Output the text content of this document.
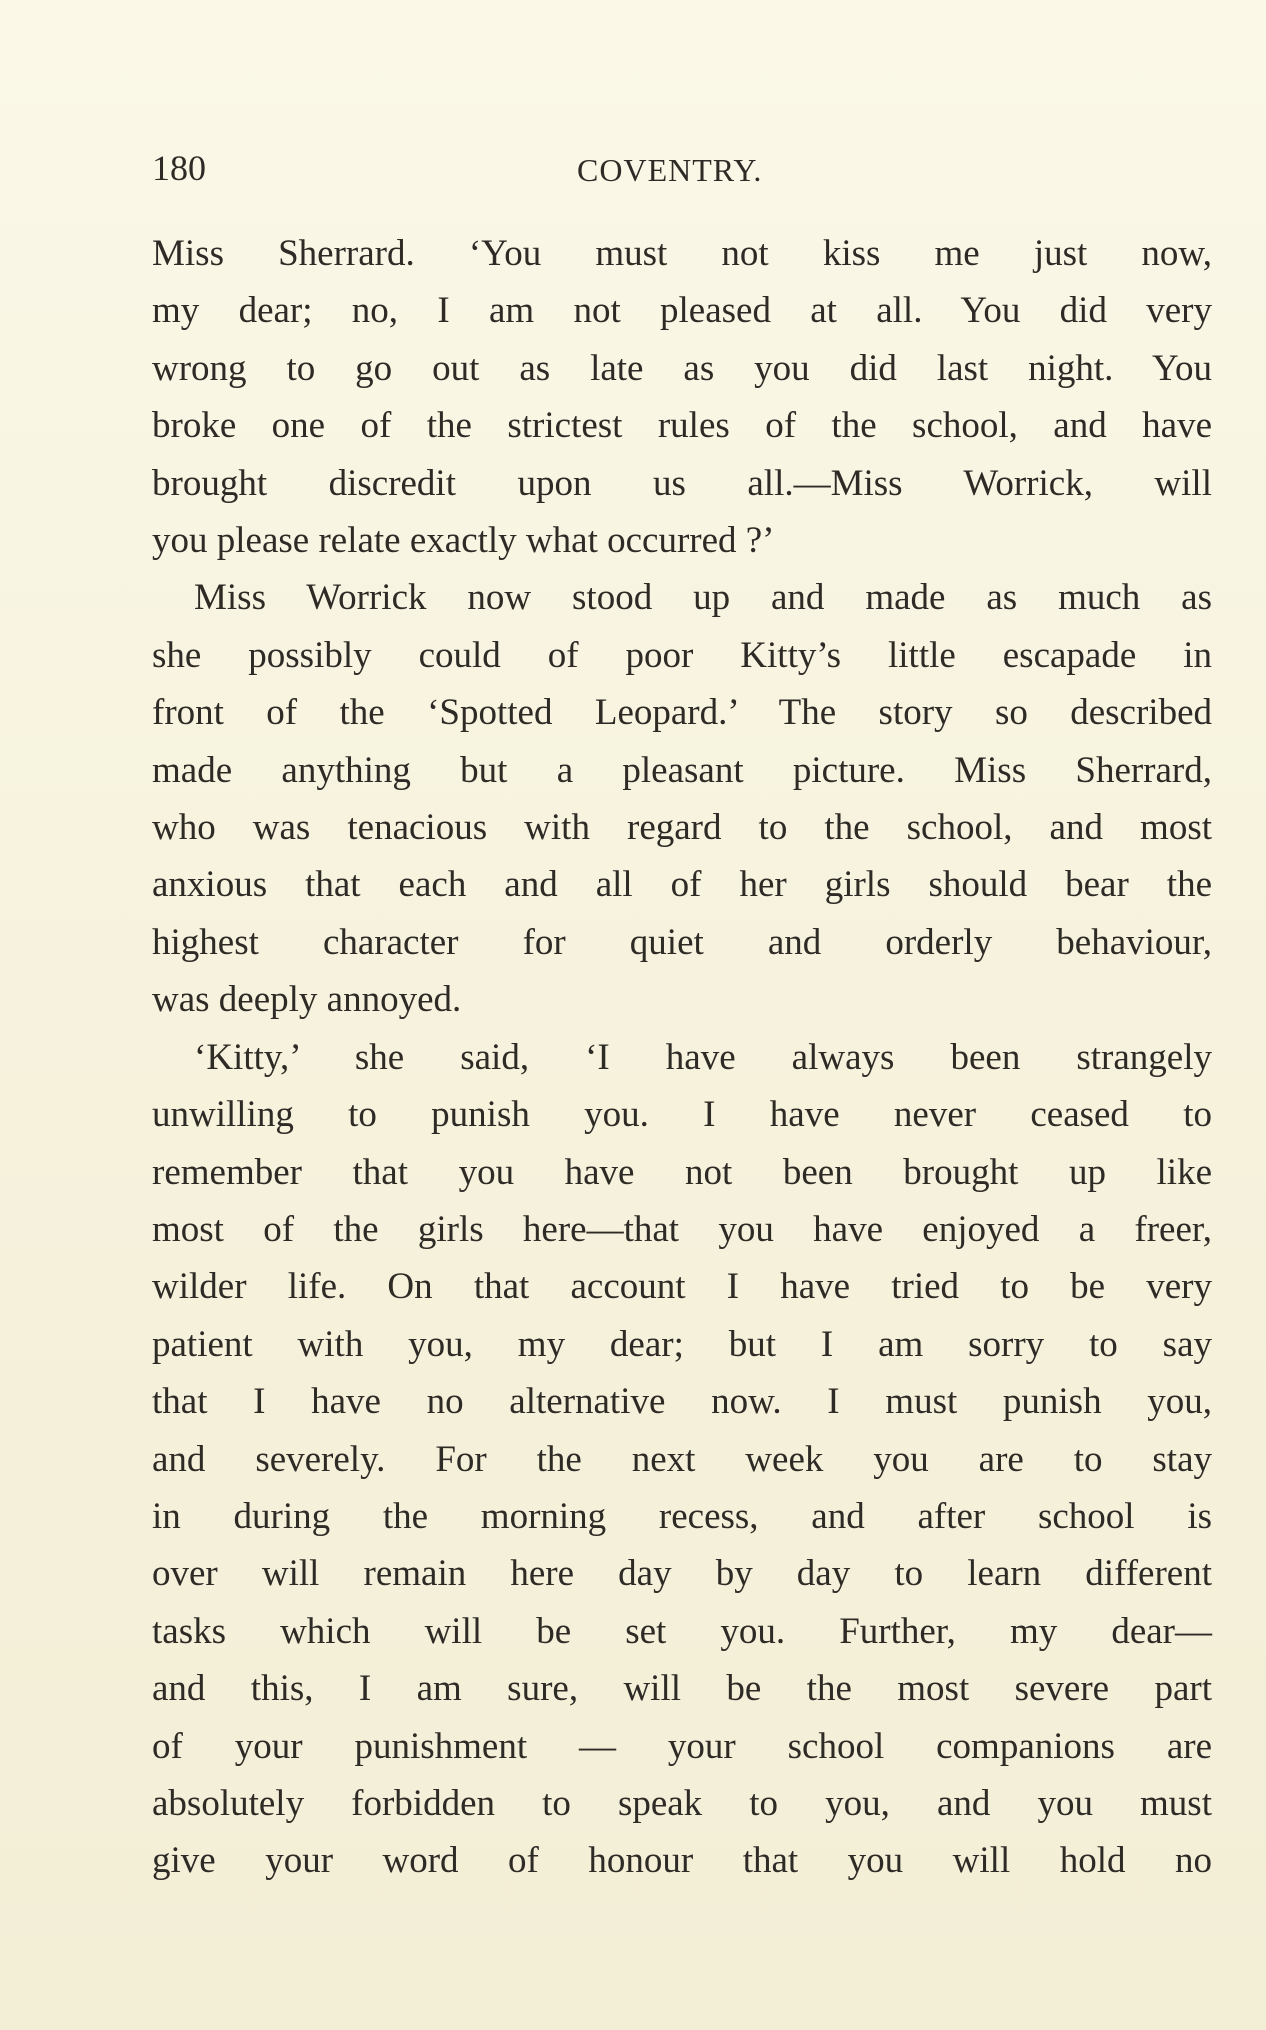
180	COVENTRY.
Miss Sherrard. ‘You must not kiss me just now,
my dear; no, I am not pleased at all. You did very
wrong to go out as late as you did last night. You
broke one of the strictest rules of the school, and have
brought discredit upon us all.—Miss Worrick, will
you please relate exactly what occurred ?’
Miss Worrick now stood up and made as much as
she possibly could of poor Kitty’s little escapade in
front of the ‘Spotted Leopard.’ The story so described
made anything but a pleasant picture. Miss Sherrard,
who was tenacious with regard to the school, and most
anxious that each and all of her girls should bear the
highest character for quiet and orderly behaviour,
was deeply annoyed.
‘Kitty,’ she said, ‘I have always been strangely
unwilling to punish you. I have never ceased to
remember that you have not been brought up like
most of the girls here—that you have enjoyed a freer,
wilder life. On that account I have tried to be very
patient with you, my dear; but I am sorry to say
that I have no alternative now. I must punish you,
and severely. For the next week you are to stay
in during the morning recess, and after school is
over will remain here day by day to learn different
tasks which will be set you. Further, my dear—
and this, I am sure, will be the most severe part
of your punishment — your school companions are
absolutely forbidden to speak to you, and you must
give your word of honour that you will hold no
